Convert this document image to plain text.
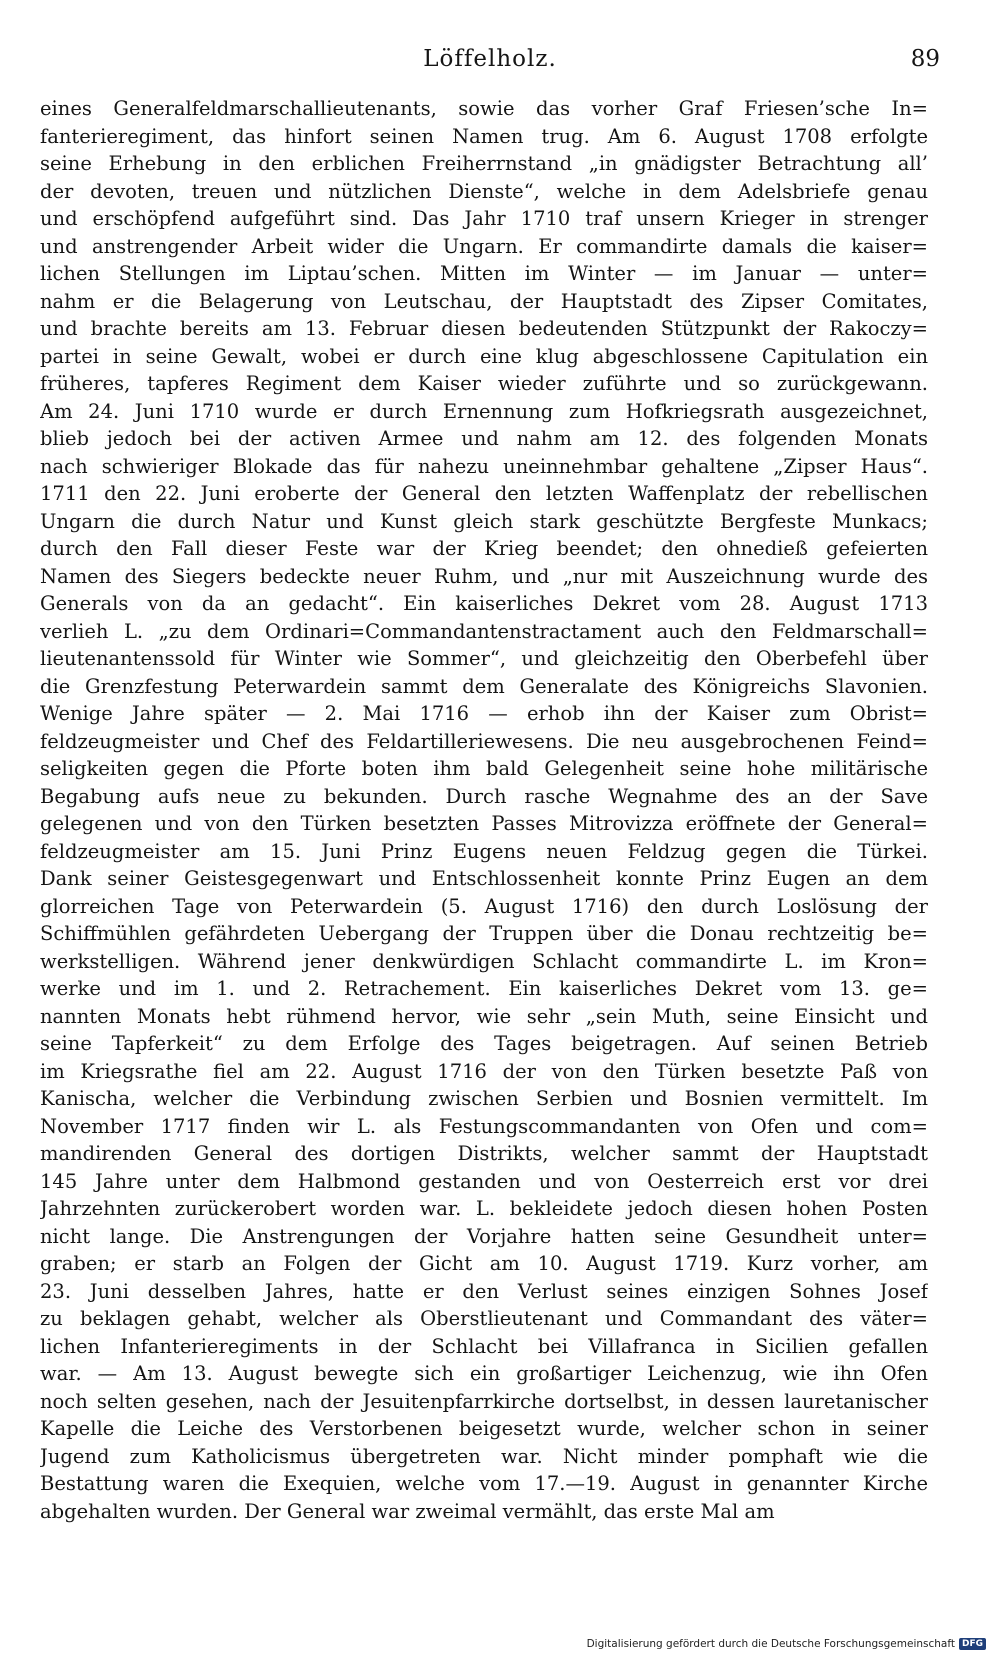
Löffelholz.	89
eines Generalfeldmarschallieutenants, sowie das vorher Graf Friesen’sche In=
fanterieregiment, das hinfort seinen Namen trug. Am 6. August 1708 erfolgte
seine Erhebung in den erblichen Freiherrnstand „in gnädigster Betrachtung all’
der devoten, treuen und nützlichen Dienste“, welche in dem Adelsbriefe genau
und erschöpfend aufgeführt sind. Das Jahr 1710 traf unsern Krieger in strenger
und anstrengender Arbeit wider die Ungarn. Er commandirte damals die kaiser=
lichen Stellungen im Liptau’schen. Mitten im Winter — im Januar — unter=
nahm er die Belagerung von Leutschau, der Hauptstadt des Zipser Comitates,
und brachte bereits am 13. Februar diesen bedeutenden Stützpunkt der Rakoczy=
partei in seine Gewalt, wobei er durch eine klug abgeschlossene Capitulation ein
früheres, tapferes Regiment dem Kaiser wieder zuführte und so zurückgewann.
Am 24. Juni 1710 wurde er durch Ernennung zum Hofkriegsrath ausgezeichnet,
blieb jedoch bei der activen Armee und nahm am 12. des folgenden Monats
nach schwieriger Blokade das für nahezu uneinnehmbar gehaltene „Zipser Haus“.
1711 den 22. Juni eroberte der General den letzten Waffenplatz der rebellischen
Ungarn die durch Natur und Kunst gleich stark geschützte Bergfeste Munkacs;
durch den Fall dieser Feste war der Krieg beendet; den ohnedieß gefeierten
Namen des Siegers bedeckte neuer Ruhm, und „nur mit Auszeichnung wurde des
Generals von da an gedacht“. Ein kaiserliches Dekret vom 28. August 1713
verlieh L. „zu dem Ordinari=Commandantenstractament auch den Feldmarschall=
lieutenantenssold für Winter wie Sommer“, und gleichzeitig den Oberbefehl über
die Grenzfestung Peterwardein sammt dem Generalate des Königreichs Slavonien.
Wenige Jahre später — 2. Mai 1716 — erhob ihn der Kaiser zum Obrist=
feldzeugmeister und Chef des Feldartilleriewesens. Die neu ausgebrochenen Feind=
seligkeiten gegen die Pforte boten ihm bald Gelegenheit seine hohe militärische
Begabung aufs neue zu bekunden. Durch rasche Wegnahme des an der Save
gelegenen und von den Türken besetzten Passes Mitrovizza eröffnete der General=
feldzeugmeister am 15. Juni Prinz Eugens neuen Feldzug gegen die Türkei.
Dank seiner Geistesgegenwart und Entschlossenheit konnte Prinz Eugen an dem
glorreichen Tage von Peterwardein (5. August 1716) den durch Loslösung der
Schiffmühlen gefährdeten Uebergang der Truppen über die Donau rechtzeitig be=
werkstelligen. Während jener denkwürdigen Schlacht commandirte L. im Kron=
werke und im 1. und 2. Retrachement. Ein kaiserliches Dekret vom 13. ge=
nannten Monats hebt rühmend hervor, wie sehr „sein Muth, seine Einsicht und
seine Tapferkeit“ zu dem Erfolge des Tages beigetragen. Auf seinen Betrieb
im Kriegsrathe fiel am 22. August 1716 der von den Türken besetzte Paß von
Kanischa, welcher die Verbindung zwischen Serbien und Bosnien vermittelt. Im
November 1717 finden wir L. als Festungscommandanten von Ofen und com=
mandirenden General des dortigen Distrikts, welcher sammt der Hauptstadt
145 Jahre unter dem Halbmond gestanden und von Oesterreich erst vor drei
Jahrzehnten zurückerobert worden war. L. bekleidete jedoch diesen hohen Posten
nicht lange. Die Anstrengungen der Vorjahre hatten seine Gesundheit unter=
graben; er starb an Folgen der Gicht am 10. August 1719. Kurz vorher, am
23. Juni desselben Jahres, hatte er den Verlust seines einzigen Sohnes Josef
zu beklagen gehabt, welcher als Oberstlieutenant und Commandant des väter=
lichen Infanterieregiments in der Schlacht bei Villafranca in Sicilien gefallen
war. — Am 13. August bewegte sich ein großartiger Leichenzug, wie ihn Ofen
noch selten gesehen, nach der Jesuitenpfarrkirche dortselbst, in dessen lauretanischer
Kapelle die Leiche des Verstorbenen beigesetzt wurde, welcher schon in seiner
Jugend zum Katholicismus übergetreten war. Nicht minder pomphaft wie die
Bestattung waren die Exequien, welche vom 17.—19. August in genannter Kirche
abgehalten wurden. Der General war zweimal vermählt, das erste Mal am
Digitalisierung gefördert durch die Deutsche Forschungsgemeinschaft DFG
